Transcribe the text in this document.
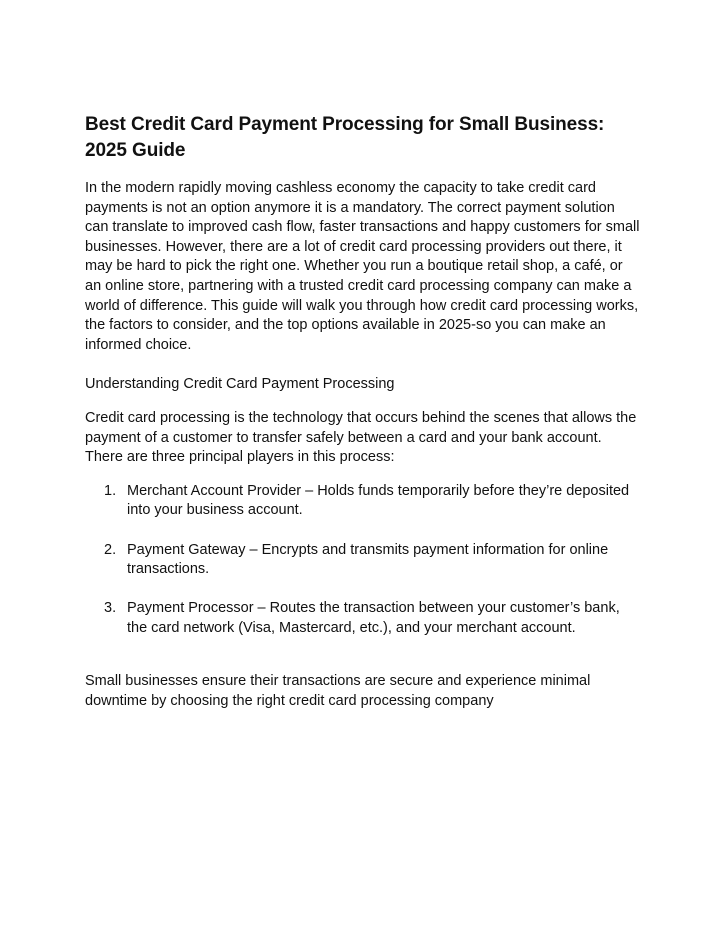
Best Credit Card Payment Processing for Small Business: 2025 Guide

In the modern rapidly moving cashless economy the capacity to take credit card payments is not an option anymore it is a mandatory. The correct payment solution can translate to improved cash flow, faster transactions and happy customers for small businesses. However, there are a lot of credit card processing providers out there, it may be hard to pick the right one. Whether you run a boutique retail shop, a café, or an online store, partnering with a trusted credit card processing company can make a world of difference. This guide will walk you through how credit card processing works, the factors to consider, and the top options available in 2025-so you can make an informed choice.

Understanding Credit Card Payment Processing

Credit card processing is the technology that occurs behind the scenes that allows the payment of a customer to transfer safely between a card and your bank account. There are three principal players in this process:

1. Merchant Account Provider – Holds funds temporarily before they’re deposited into your business account.
2. Payment Gateway – Encrypts and transmits payment information for online transactions.
3. Payment Processor – Routes the transaction between your customer’s bank, the card network (Visa, Mastercard, etc.), and your merchant account.

Small businesses ensure their transactions are secure and experience minimal downtime by choosing the right credit card processing company
